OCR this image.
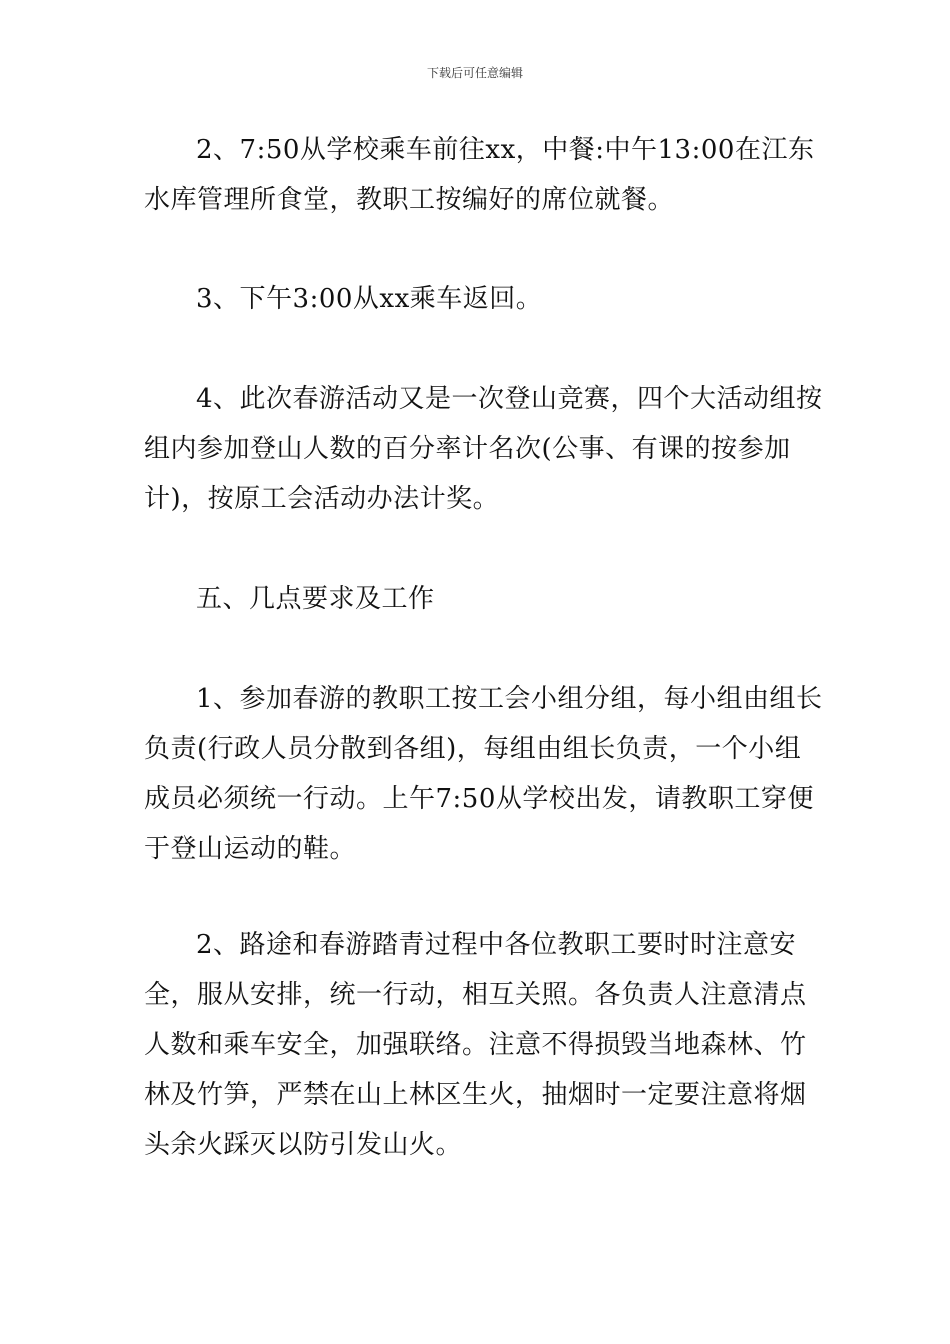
下载后可任意编辑

2、7:50从学校乘车前往xx，中餐:中午13:00在江东水库管理所食堂，教职工按编好的席位就餐。

3、下午3:00从xx乘车返回。

4、此次春游活动又是一次登山竞赛，四个大活动组按组内参加登山人数的百分率计名次(公事、有课的按参加计)，按原工会活动办法计奖。

五、几点要求及工作

1、参加春游的教职工按工会小组分组，每小组由组长负责(行政人员分散到各组)，每组由组长负责，一个小组成员必须统一行动。上午7:50从学校出发，请教职工穿便于登山运动的鞋。

2、路途和春游踏青过程中各位教职工要时时注意安全，服从安排，统一行动，相互关照。各负责人注意清点人数和乘车安全，加强联络。注意不得损毁当地森林、竹林及竹笋，严禁在山上林区生火，抽烟时一定要注意将烟头余火踩灭以防引发山火。
